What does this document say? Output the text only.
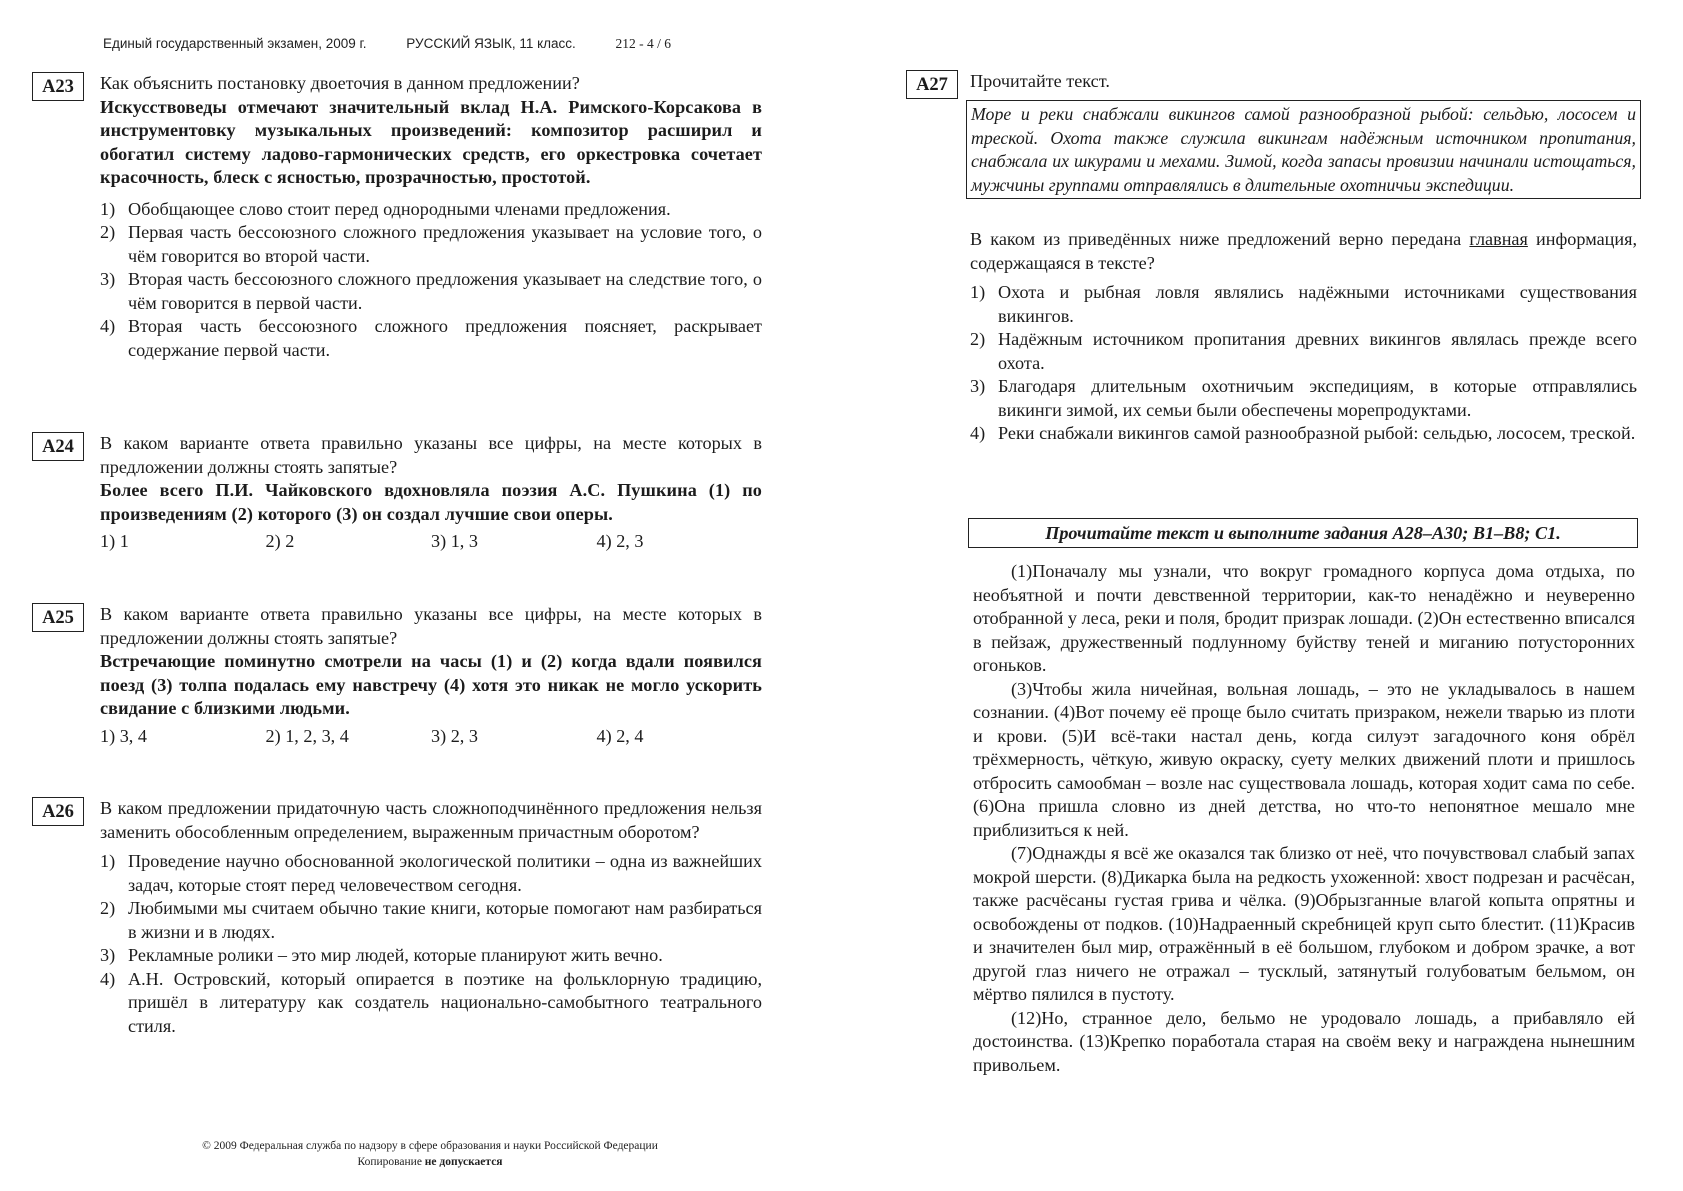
Единый государственный экзамен, 2009 г.	РУССКИЙ ЯЗЫК, 11 класс.	212 - 4 / 6
А23	Как объяснить постановку двоеточия в данном предложении?

Искусствоведы отмечают значительный вклад Н.А. Римского-Корсакова в инструментовку музыкальных произведений: композитор расширил и обогатил систему ладово-гармонических средств, его оркестровка сочетает красочность, блеск с ясностью, прозрачностью, простотой.

1) Обобщающее слово стоит перед однородными членами предложения.
2) Первая часть бессоюзного сложного предложения указывает на условие того, о чём говорится во второй части.
3) Вторая часть бессоюзного сложного предложения указывает на следствие того, о чём говорится в первой части.
4) Вторая часть бессоюзного сложного предложения поясняет, раскрывает содержание первой части.
А24	В каком варианте ответа правильно указаны все цифры, на месте которых в предложении должны стоять запятые?

Более всего П.И. Чайковского вдохновляла поэзия А.С. Пушкина (1) по произведениям (2) которого (3) он создал лучшие свои оперы.

1) 1	2) 2	3) 1, 3	4) 2, 3
А25	В каком варианте ответа правильно указаны все цифры, на месте которых в предложении должны стоять запятые?

Встречающие поминутно смотрели на часы (1) и (2) когда вдали появился поезд (3) толпа подалась ему навстречу (4) хотя это никак не могло ускорить свидание с близкими людьми.

1) 3, 4	2) 1, 2, 3, 4	3) 2, 3	4) 2, 4
А26	В каком предложении придаточную часть сложноподчинённого предложения нельзя заменить обособленным определением, выраженным причастным оборотом?

1) Проведение научно обоснованной экологической политики – одна из важнейших задач, которые стоят перед человечеством сегодня.
2) Любимыми мы считаем обычно такие книги, которые помогают нам разбираться в жизни и в людях.
3) Рекламные ролики – это мир людей, которые планируют жить вечно.
4) А.Н. Островский, который опирается в поэтике на фольклорную традицию, пришёл в литературу как создатель национально-самобытного театрального стиля.
© 2009 Федеральная служба по надзору в сфере образования и науки Российской Федерации
Копирование не допускается
А27	Прочитайте текст.

Море и реки снабжали викингов самой разнообразной рыбой: сельдью, лососем и треской. Охота также служила викингам надёжным источником пропитания, снабжала их шкурами и мехами. Зимой, когда запасы провизии начинали истощаться, мужчины группами отправлялись в длительные охотничьи экспедиции.

В каком из приведённых ниже предложений верно передана главная информация, содержащаяся в тексте?

1) Охота и рыбная ловля являлись надёжными источниками существования викингов.
2) Надёжным источником пропитания древних викингов являлась прежде всего охота.
3) Благодаря длительным охотничьим экспедициям, в которые отправлялись викинги зимой, их семьи были обеспечены морепродуктами.
4) Реки снабжали викингов самой разнообразной рыбой: сельдью, лососем, треской.
Прочитайте текст и выполните задания А28–А30; В1–В8; С1.

(1)Поначалу мы узнали, что вокруг громадного корпуса дома отдыха, по необъятной и почти девственной территории, как-то ненадёжно и неуверенно отобранной у леса, реки и поля, бродит призрак лошади. (2)Он естественно вписался в пейзаж, дружественный подлунному буйству теней и миганию потусторонних огоньков.

(3)Чтобы жила ничейная, вольная лошадь, – это не укладывалось в нашем сознании. (4)Вот почему её проще было считать призраком, нежели тварью из плоти и крови. (5)И всё-таки настал день, когда силуэт загадочного коня обрёл трёхмерность, чёткую, живую окраску, суету мелких движений плоти и пришлось отбросить самообман – возле нас существовала лошадь, которая ходит сама по себе. (6)Она пришла словно из дней детства, но что-то непонятное мешало мне приблизиться к ней.

(7)Однажды я всё же оказался так близко от неё, что почувствовал слабый запах мокрой шерсти. (8)Дикарка была на редкость ухоженной: хвост подрезан и расчёсан, также расчёсаны густая грива и чёлка. (9)Обрызганные влагой копыта опрятны и освобождены от подков. (10)Надраенный скребницей круп сыто блестит. (11)Красив и значителен был мир, отражённый в её большом, глубоком и добром зрачке, а вот другой глаз ничего не отражал – тусклый, затянутый голубоватым бельмом, он мёртво пялился в пустоту.

(12)Но, странное дело, бельмо не уродовало лошадь, а прибавляло ей достоинства. (13)Крепко поработала старая на своём веку и награждена нынешним привольем.
